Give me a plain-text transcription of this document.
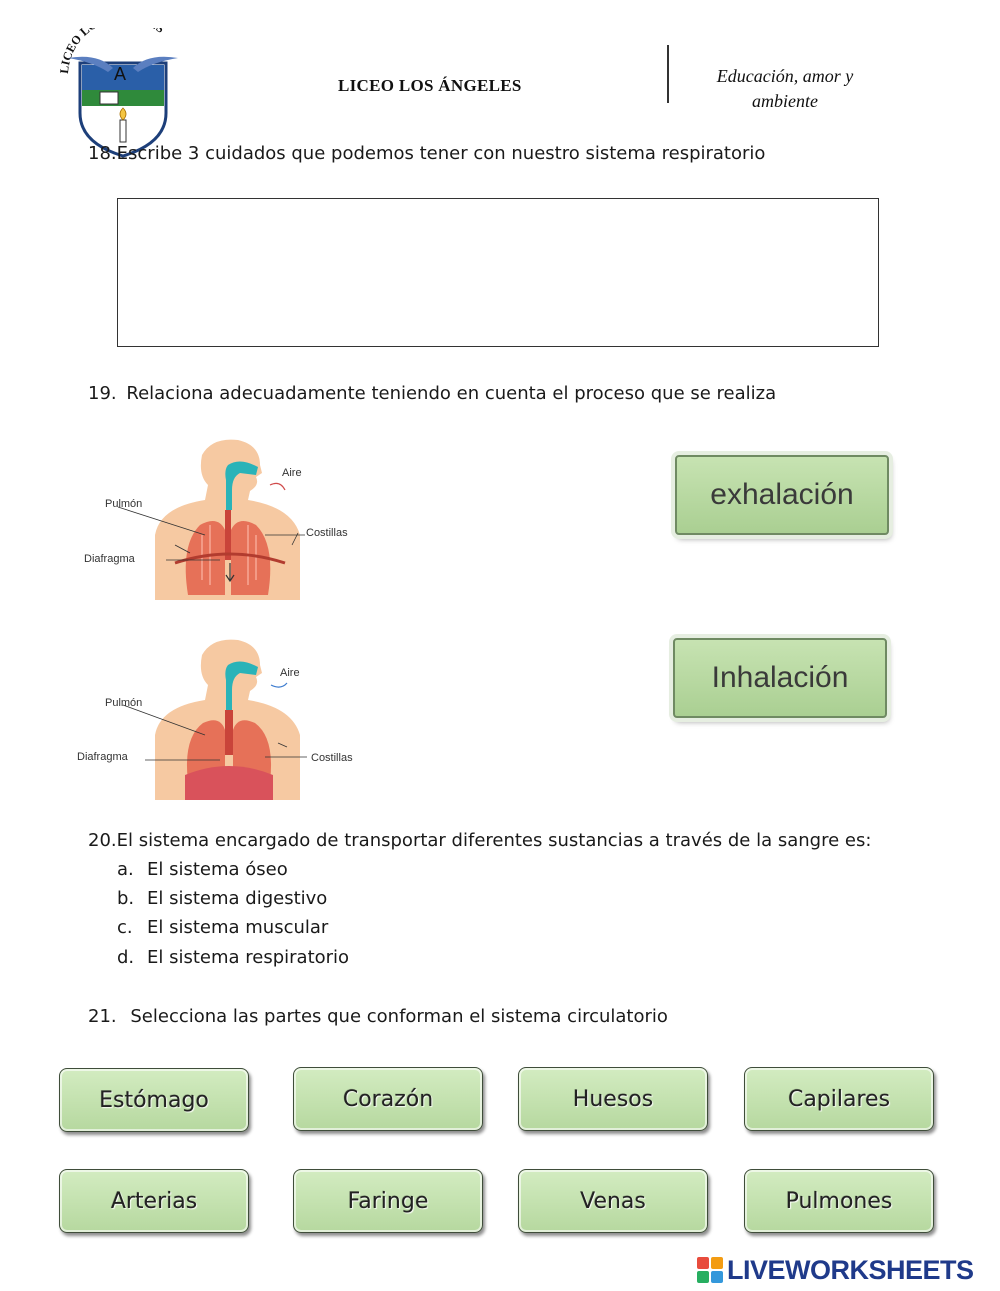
LICEO L S
A
LICEO LOS ÁNGELES	Educación, amor y
ambiente
18.Escribe 3 cuidados que podemos tener con nuestro sistema respiratorio
19. Relaciona adecuadamente teniendo en cuenta el proceso que se realiza
Aire
Pulmón
Costillas
Diafragma
Aire
Pulmón
Costillas
Diafragma
exhalación
Inhalación
20.El sistema encargado de transportar diferentes sustancias a través de la sangre es:
a. El sistema óseo
b. El sistema digestivo
c. El sistema muscular
d. El sistema respiratorio
21. Selecciona las partes que conforman el sistema circulatorio
Estómago	Corazón	Huesos	Capilares
Arterias	Faringe	Venas	Pulmones
LIVEWORKSHEETS
